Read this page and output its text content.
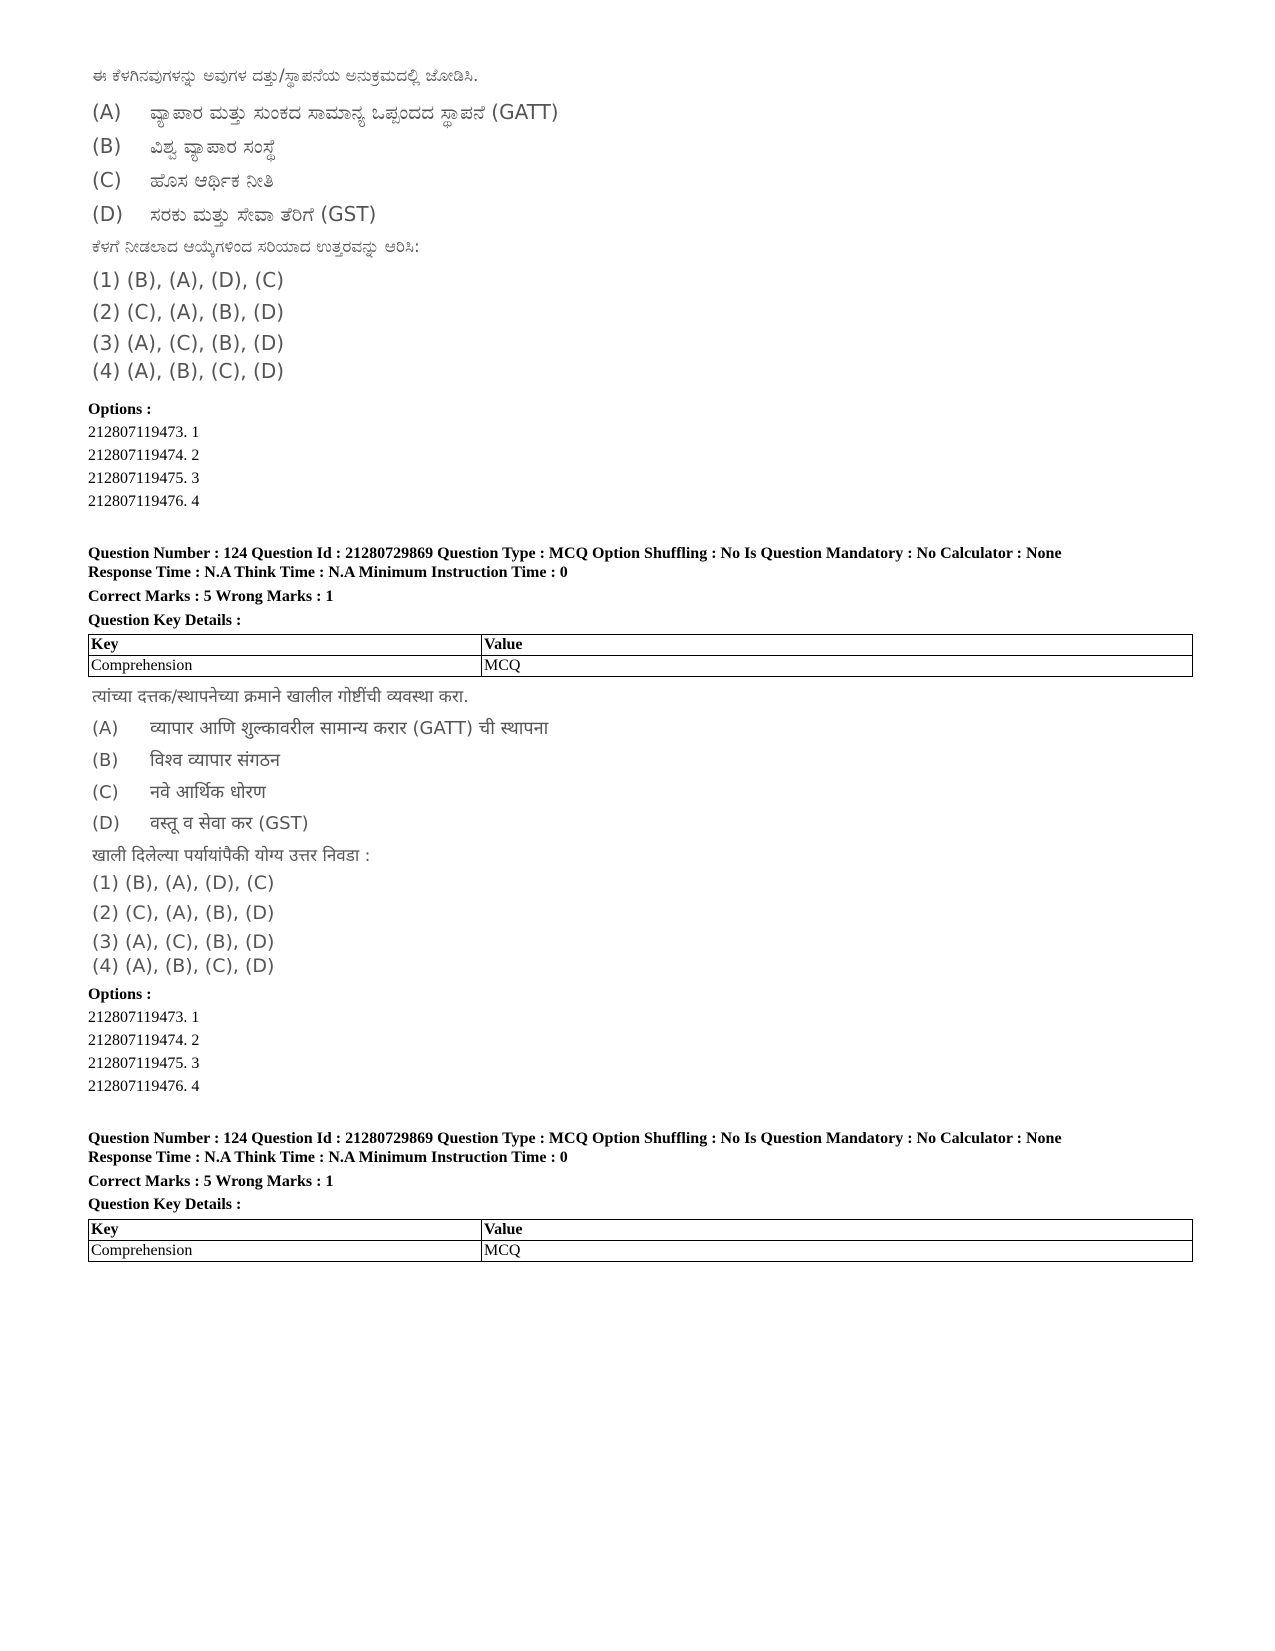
ಈ ಕೆಳಗಿನವುಗಳನ್ನು ಅವುಗಳ ದತ್ತು/ಸ್ಥಾಪನೆಯ ಅನುಕ್ರಮದಲ್ಲಿ ಜೋಡಿಸಿ.
(A) ವ್ಯಾಪಾರ ಮತ್ತು ಸುಂಕದ ಸಾಮಾನ್ಯ ಒಪ್ಪಂದದ ಸ್ಥಾಪನೆ (GATT)
(B) ವಿಶ್ವ ವ್ಯಾಪಾರ ಸಂಸ್ಥೆ
(C) ಹೊಸ ಆರ್ಥಿಕ ನೀತಿ
(D) ಸರಕು ಮತ್ತು ಸೇವಾ ತೆರಿಗೆ (GST)
ಕೆಳಗೆ ನೀಡಲಾದ ಆಯ್ಕೆಗಳಿಂದ ಸರಿಯಾದ ಉತ್ತರವನ್ನು ಆರಿಸಿ:
(1) (B), (A), (D), (C)
(2) (C), (A), (B), (D)
(3) (A), (C), (B), (D)
(4) (A), (B), (C), (D)
Options :
212807119473. 1
212807119474. 2
212807119475. 3
212807119476. 4
Question Number : 124 Question Id : 21280729869 Question Type : MCQ Option Shuffling : No Is Question Mandatory : No Calculator : None
Response Time : N.A Think Time : N.A Minimum Instruction Time : 0
Correct Marks : 5 Wrong Marks : 1
Question Key Details :
Key	Value
Comprehension	MCQ
त्यांच्या दत्तक/स्थापनेच्या क्रमाने खालील गोष्टींची व्यवस्था करा.
(A) व्यापार आणि शुल्कावरील सामान्य करार (GATT) ची स्थापना
(B) विश्व व्यापार संगठन
(C) नवे आर्थिक धोरण
(D) वस्तू व सेवा कर (GST)
खाली दिलेल्या पर्यायांपैकी योग्य उत्तर निवडा :
(1) (B), (A), (D), (C)
(2) (C), (A), (B), (D)
(3) (A), (C), (B), (D)
(4) (A), (B), (C), (D)
Options :
212807119473. 1
212807119474. 2
212807119475. 3
212807119476. 4
Question Number : 124 Question Id : 21280729869 Question Type : MCQ Option Shuffling : No Is Question Mandatory : No Calculator : None
Response Time : N.A Think Time : N.A Minimum Instruction Time : 0
Correct Marks : 5 Wrong Marks : 1
Question Key Details :
Key	Value
Comprehension	MCQ
